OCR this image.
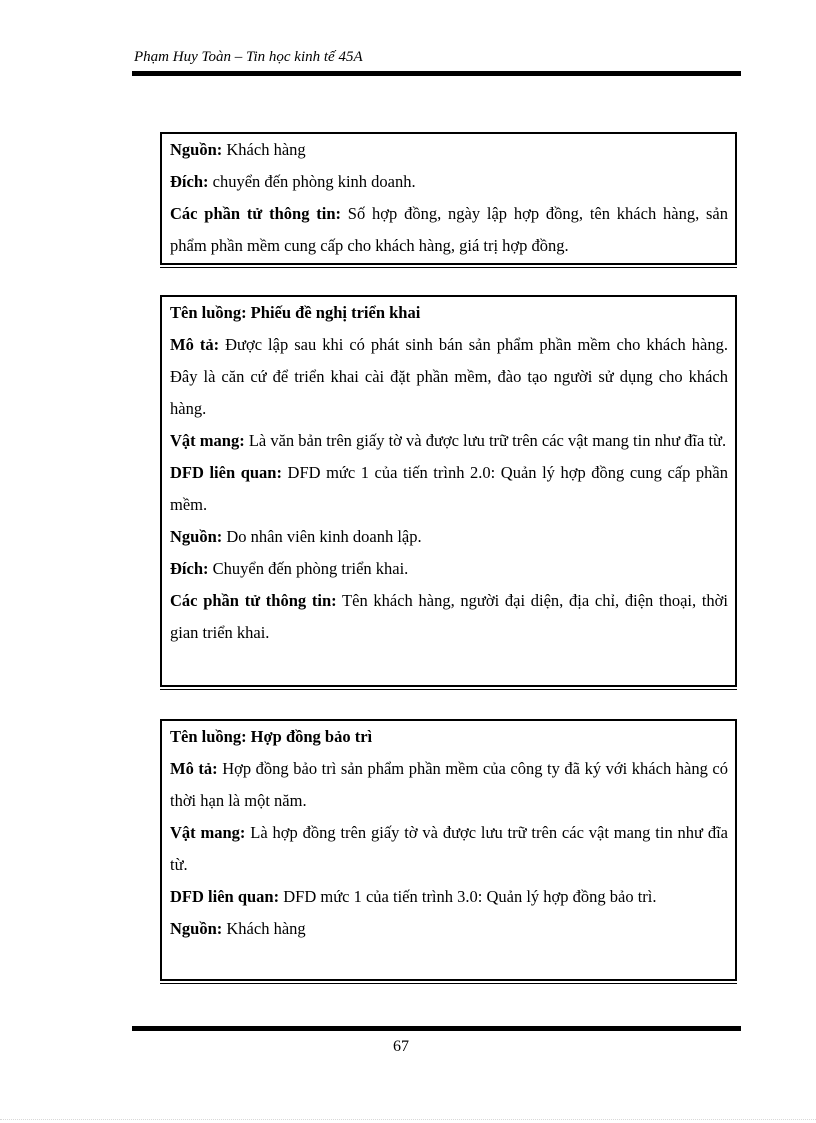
Phạm Huy Toàn – Tin học kinh tế 45A

Nguồn: Khách hàng

Đích: chuyển đến phòng kinh doanh.

Các phần tử thông tin: Số hợp đồng, ngày lập hợp đồng, tên khách hàng, sản phẩm phần mềm cung cấp cho khách hàng, giá trị hợp đồng.

Tên luồng: Phiếu đề nghị triển khai

Mô tả: Được lập sau khi có phát sinh bán sản phẩm phần mềm cho khách hàng. Đây là căn cứ để triển khai cài đặt phần mềm, đào tạo người sử dụng cho khách hàng.

Vật mang: Là văn bản trên giấy tờ và được lưu trữ trên các vật mang tin như đĩa từ.

DFD liên quan: DFD mức 1 của tiến trình 2.0: Quản lý hợp đồng cung cấp phần mềm.

Nguồn: Do nhân viên kinh doanh lập.

Đích: Chuyển đến phòng triển khai.

Các phần tử thông tin: Tên khách hàng, người đại diện, địa chỉ, điện thoại, thời gian triển khai.

Tên luồng: Hợp đồng bảo trì

Mô tả: Hợp đồng bảo trì sản phẩm phần mềm của công ty đã ký với khách hàng có thời hạn là một năm.

Vật mang: Là hợp đồng trên giấy tờ và được lưu trữ trên các vật mang tin như đĩa từ.

DFD liên quan: DFD mức 1 của tiến trình 3.0: Quản lý hợp đồng bảo trì.

Nguồn: Khách hàng

67
